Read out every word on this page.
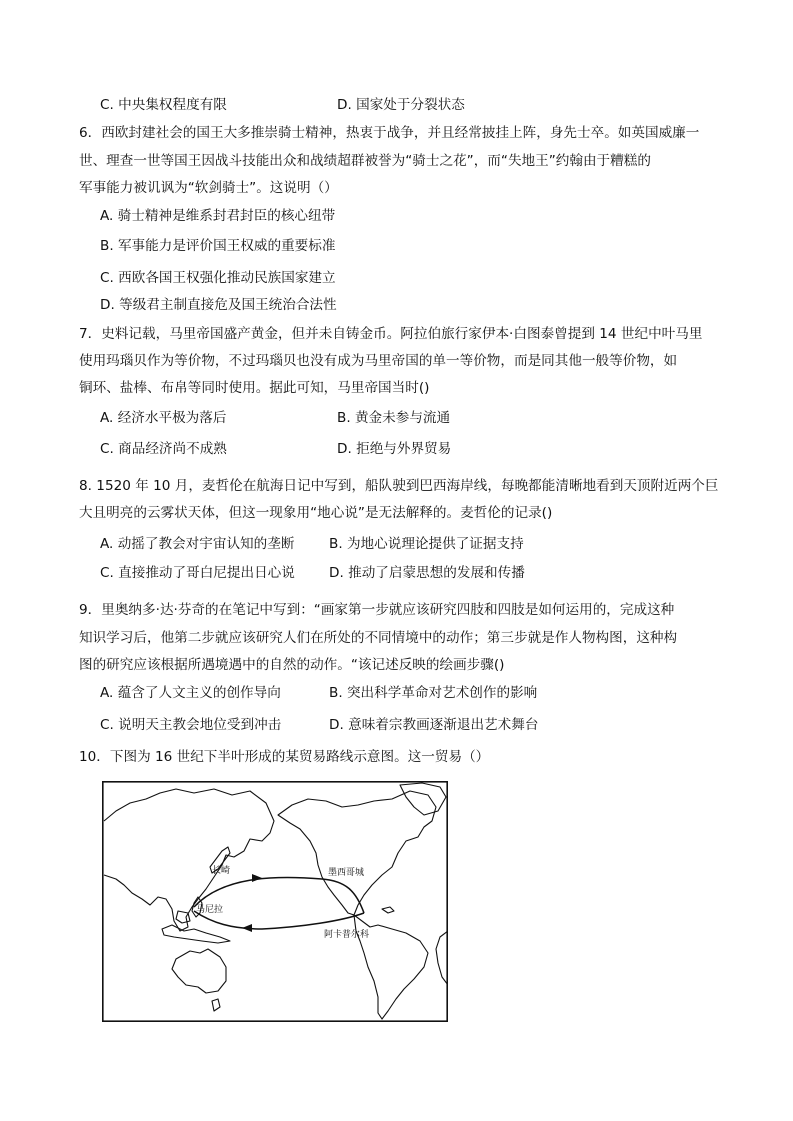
C. 中央集权程度有限	D. 国家处于分裂状态
6．西欧封建社会的国王大多推崇骑士精神，热衷于战争，并且经常披挂上阵，身先士卒。如英国威廉一
世、理查一世等国王因战斗技能出众和战绩超群被誉为“骑士之花”，而“失地王”约翰由于糟糕的
军事能力被讥讽为“软剑骑士”。这说明（）
A. 骑士精神是维系封君封臣的核心纽带
B. 军事能力是评价国王权威的重要标准
C. 西欧各国王权强化推动民族国家建立
D. 等级君主制直接危及国王统治合法性
7．史料记载，马里帝国盛产黄金，但并未自铸金币。阿拉伯旅行家伊本·白图泰曾提到 14 世纪中叶马里
使用玛瑙贝作为等价物，不过玛瑙贝也没有成为马里帝国的单一等价物，而是同其他一般等价物，如
铜环、盐棒、布帛等同时使用。据此可知，马里帝国当时()
A. 经济水平极为落后	B. 黄金未参与流通
C. 商品经济尚不成熟	D. 拒绝与外界贸易
8. 1520 年 10 月，麦哲伦在航海日记中写到，船队驶到巴西海岸线，每晚都能清晰地看到天顶附近两个巨
大且明亮的云雾状天体，但这一现象用“地心说”是无法解释的。麦哲伦的记录()
A. 动摇了教会对宇宙认知的垄断	B. 为地心说理论提供了证据支持
C. 直接推动了哥白尼提出日心说	D. 推动了启蒙思想的发展和传播
9．里奥纳多·达·芬奇的在笔记中写到：“画家第一步就应该研究四肢和四肢是如何运用的，完成这种
知识学习后，他第二步就应该研究人们在所处的不同情境中的动作；第三步就是作人物构图，这种构
图的研究应该根据所遇境遇中的自然的动作。“该记述反映的绘画步骤()
A. 蕴含了人文主义的创作导向	B. 突出科学革命对艺术创作的影响
C. 说明天主教会地位受到冲击	D. 意味着宗教画逐渐退出艺术舞台
10．下图为 16 世纪下半叶形成的某贸易路线示意图。这一贸易（）
长崎
马尼拉
墨西哥城
阿卡普尔科
